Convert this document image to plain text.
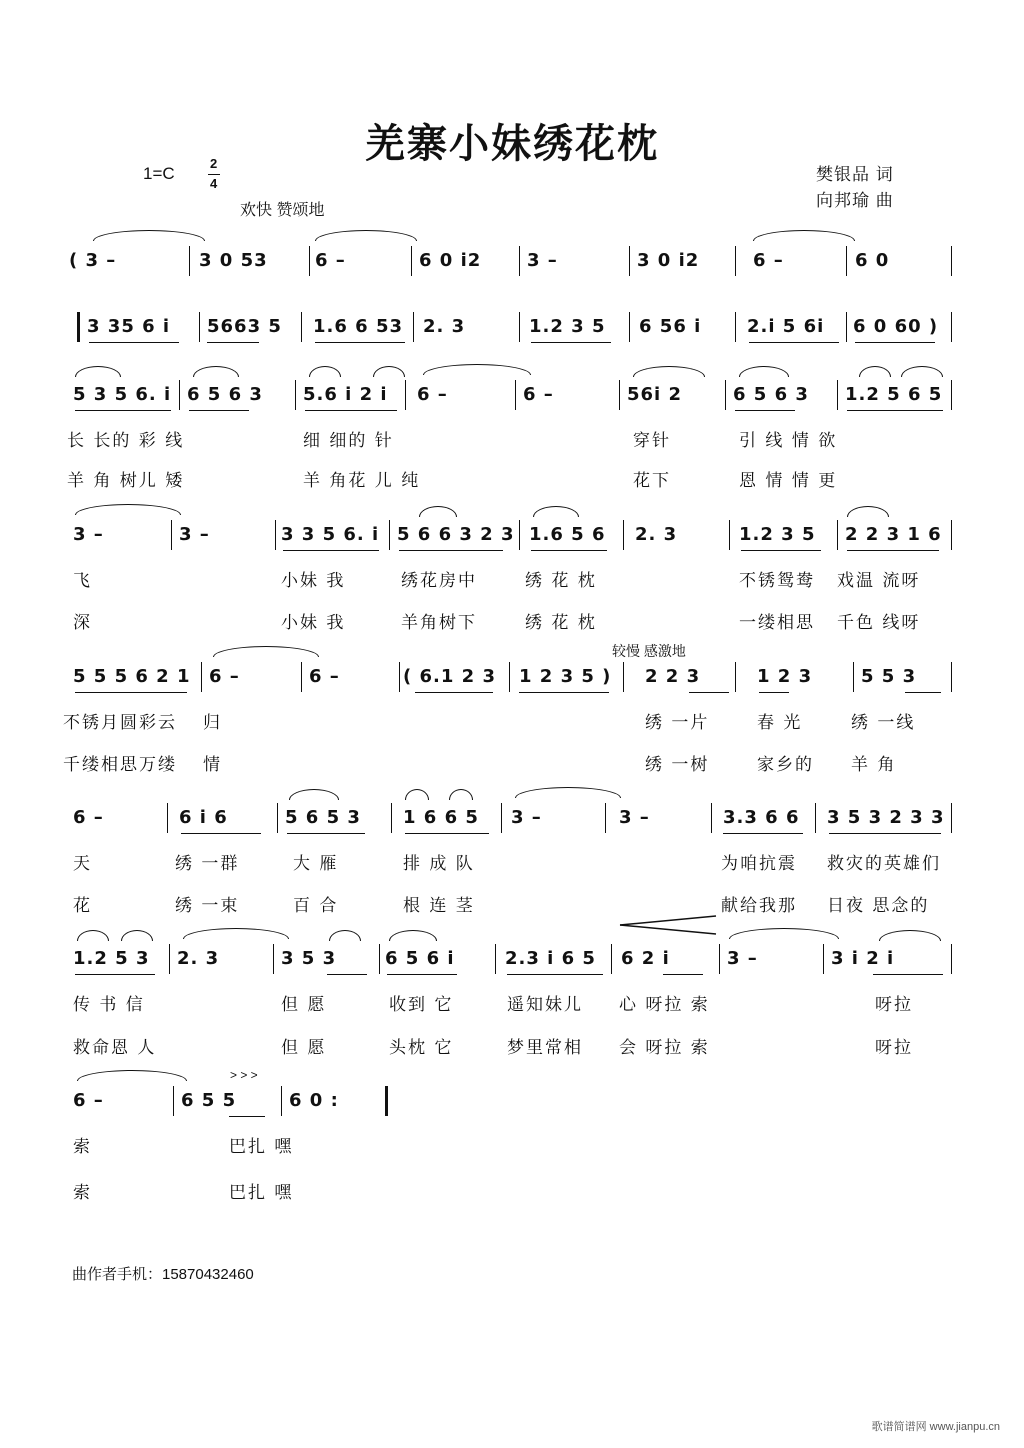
羌寨小妹绣花枕
1=C
2
4
欢快 赞颂地
樊银品 词
向邦瑜 曲
( 3 –	3 0 53	6 –	6 0 i2	3 –	3 0 i2	6 –	6 0
3 35 6 i 5663 5 1.6 6 53 2. 3	1.2 3 5 6 56 i	2.i 5 6i 6 0 60 )
5 3 5 6. i 6 5 6 3 5.6 i 2 i 6 –	6 –	56i 2	6 5 6 3 1.2 5 6 5
长 长的 彩 线	细 细的 针	穿针	引 线 情 欲
羊 角 树儿 矮	羊 角花 儿 纯	花下	恩 情 情 更
3 –	3 –	3 3 5 6. i 5 6 6 3 2 3 1.6 5 6 2. 3	1.2 3 5 2 2 3 1 6
飞	小妹 我	绣花房中	绣 花 枕	不锈鸳鸯 戏温 流呀
深	小妹 我	羊角树下	绣 花 枕	一缕相思 千色 线呀
较慢 感激地
5 5 5 6 2 1 6 –	6 –	( 6.1 2 3 1 2 3 5 ) 2 2 3	1 2 3	5 5 3
不锈月圆彩云 归	绣 一片	春 光	绣 一线
千缕相思万缕 情	绣 一树	家乡的 羊 角
6 –	6 i 6	5 6 5 3 1 6 6 5 3 –	3 –	3.3 6 6 3 5 3 2 3 3
天	绣 一群	大 雁	排 成 队	为咱抗震 救灾的英雄们
花	绣 一束	百 合	根 连 茎	献给我那 日夜 思念的
1.2 5 3 2. 3	3 5 3	6 5 6 i	2.3 i 6 5 6 2 i	3 –	3 i 2 i
传 书 信	但 愿	收到 它	遥知妹儿 心 呀拉 索	呀拉
救命恩 人	但 愿	头枕 它	梦里常相 会 呀拉 索	呀拉
> > >
6 –	6 5 5	6 0 :
索	巴扎 嘿
索	巴扎 嘿
曲作者手机：15870432460
歌谱简谱网 www.jianpu.cn
